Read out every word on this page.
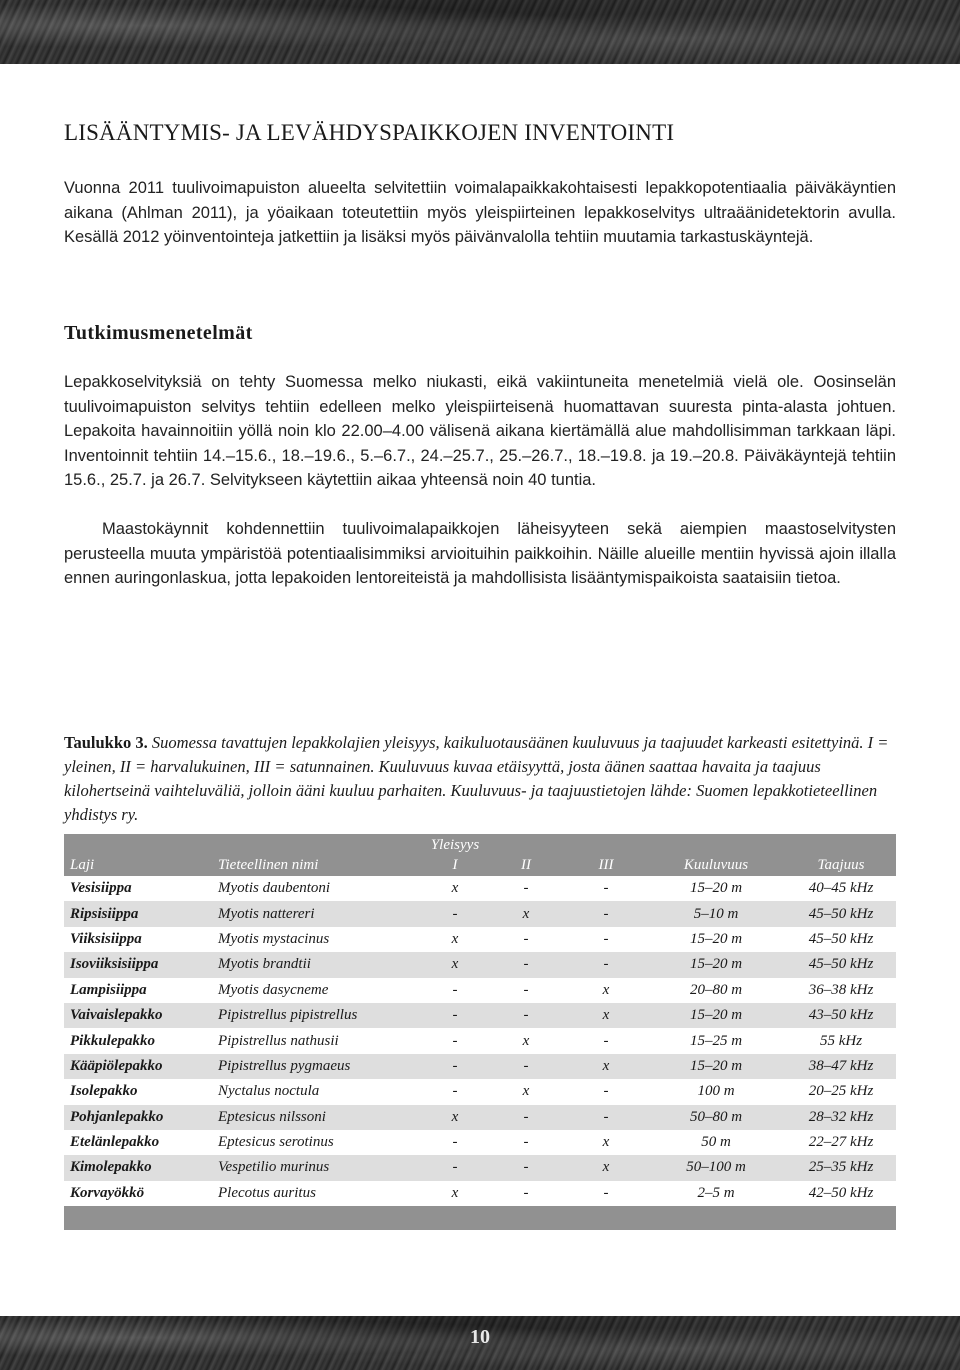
LISÄÄNTYMIS- JA LEVÄHDYSPAIKKOJEN INVENTOINTI

Vuonna 2011 tuulivoimapuiston alueelta selvitettiin voimalapaikkakohtaisesti lepakkopotentiaalia päiväkäyntien aikana (Ahlman 2011), ja yöaikaan toteutettiin myös yleispiirteinen lepakkoselvitys ultraäänidetektorin avulla. Kesällä 2012 yöinventointeja jatkettiin ja lisäksi myös päivänvalolla tehtiin muutamia tarkastuskäyntejä.

Tutkimusmenetelmät

Lepakkoselvityksiä on tehty Suomessa melko niukasti, eikä vakiintuneita menetelmiä vielä ole. Oosinselän tuulivoimapuiston selvitys tehtiin edelleen melko yleispiirteisenä huomattavan suuresta pinta-alasta johtuen. Lepakoita havainnoitiin yöllä noin klo 22.00–4.00 välisenä aikana kiertämällä alue mahdollisimman tarkkaan läpi. Inventoinnit tehtiin 14.–15.6., 18.–19.6., 5.–6.7., 24.–25.7., 25.–26.7., 18.–19.8. ja 19.–20.8. Päiväkäyntejä tehtiin 15.6., 25.7. ja 26.7. Selvitykseen käytettiin aikaa yhteensä noin 40 tuntia.

Maastokäynnit kohdennettiin tuulivoimalapaikkojen läheisyyteen sekä aiempien maastoselvitysten perusteella muuta ympäristöä potentiaalisimmiksi arvioituihin paikkoihin. Näille alueille mentiin hyvissä ajoin illalla ennen auringonlaskua, jotta lepakoiden lentoreiteistä ja mahdollisista lisääntymispaikoista saataisiin tietoa.

Taulukko 3. Suomessa tavattujen lepakkolajien yleisyys, kaikuluotausäänen kuuluvuus ja taajuudet karkeasti esitettyinä. I = yleinen, II = harvalukuinen, III = satunnainen. Kuuluvuus kuvaa etäisyyttä, josta äänen saattaa havaita ja taajuus kilohertseinä vaihteluväliä, jolloin ääni kuuluu parhaiten. Kuuluvuus- ja taajuustietojen lähde: Suomen lepakkotieteellinen yhdistys ry.

		Yleisyys				
Laji	Tieteellinen nimi	I	II	III	Kuuluvuus	Taajuus
Vesisiippa	Myotis daubentoni	x	-	-	15–20 m	40–45 kHz
Ripsisiippa	Myotis nattereri	-	x	-	5–10 m	45–50 kHz
Viiksisiippa	Myotis mystacinus	x	-	-	15–20 m	45–50 kHz
Isoviiksisiippa	Myotis brandtii	x	-	-	15–20 m	45–50 kHz
Lampisiippa	Myotis dasycneme	-	-	x	20–80 m	36–38 kHz
Vaivaislepakko	Pipistrellus pipistrellus	-	-	x	15–20 m	43–50 kHz
Pikkulepakko	Pipistrellus nathusii	-	x	-	15–25 m	55 kHz
Kääpiölepakko	Pipistrellus pygmaeus	-	-	x	15–20 m	38–47 kHz
Isolepakko	Nyctalus noctula	-	x	-	100 m	20–25 kHz
Pohjanlepakko	Eptesicus nilssoni	x	-	-	50–80 m	28–32 kHz
Etelänlepakko	Eptesicus serotinus	-	-	x	50 m	22–27 kHz
Kimolepakko	Vespetilio murinus	-	-	x	50–100 m	25–35 kHz
Korvayökkö	Plecotus auritus	x	-	-	2–5 m	42–50 kHz

10
